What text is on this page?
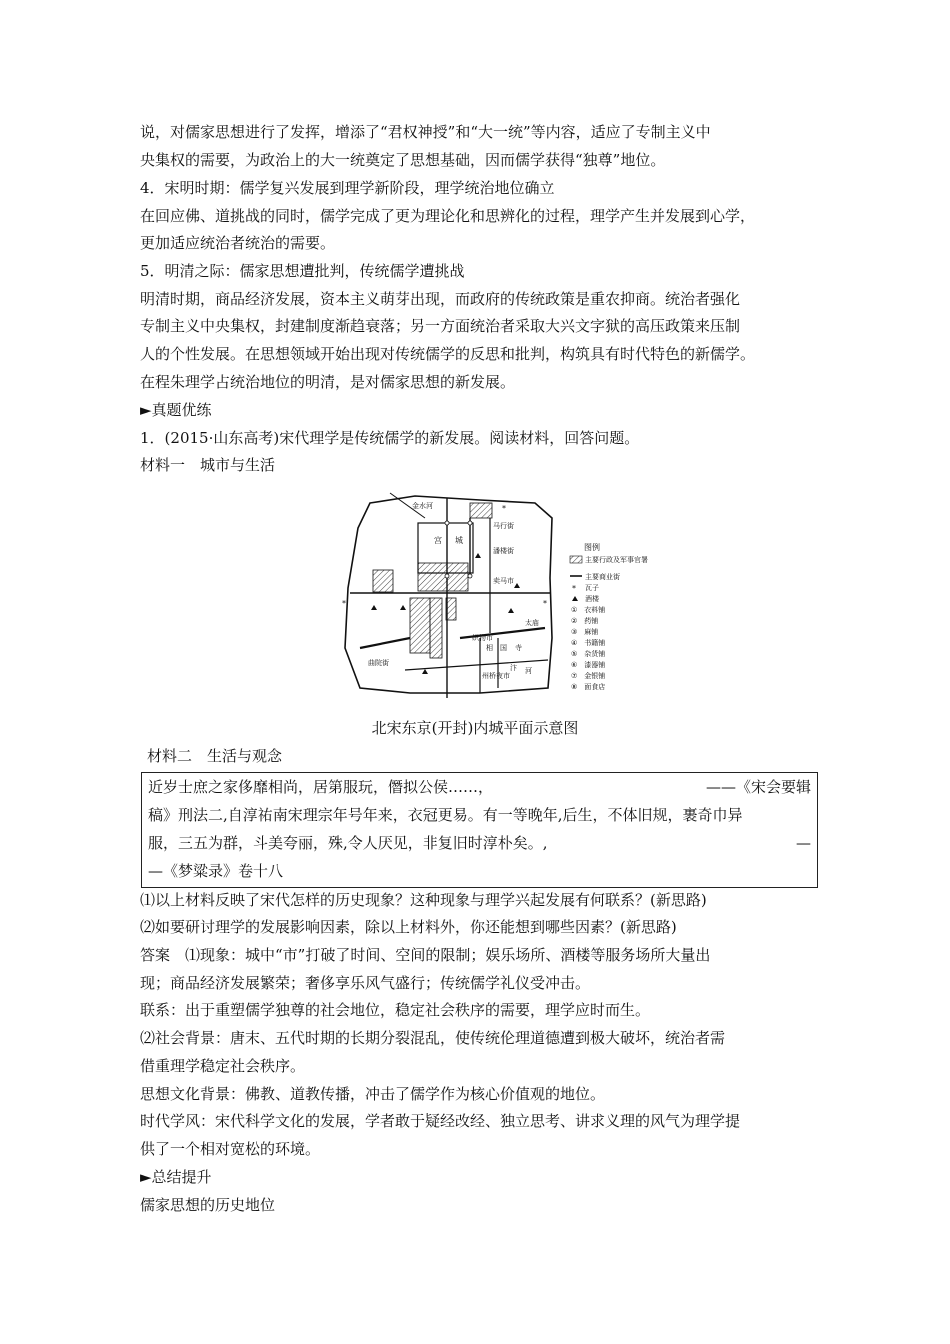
说，对儒家思想进行了发挥，增添了“君权神授”和“大一统”等内容，适应了专制主义中
央集权的需要，为政治上的大一统奠定了思想基础，因而儒学获得“独尊”地位。
4．宋明时期：儒学复兴发展到理学新阶段，理学统治地位确立
在回应佛、道挑战的同时，儒学完成了更为理论化和思辨化的过程，理学产生并发展到心学，
更加适应统治者统治的需要。
5．明清之际：儒家思想遭批判，传统儒学遭挑战
明清时期，商品经济发展，资本主义萌芽出现，而政府的传统政策是重农抑商。统治者强化
专制主义中央集权，封建制度渐趋衰落；另一方面统治者采取大兴文字狱的高压政策来压制
人的个性发展。在思想领域开始出现对传统儒学的反思和批判，构筑具有时代特色的新儒学。
在程朱理学占统治地位的明清，是对儒家思想的新发展。
►真题优练
1．(2015·山东高考)宋代理学是传统儒学的新发展。阅读材料，回答问题。
材料一　城市与生活
*
*	*
金水河
宫 城
马行街
潘楼街
卖马市
太庙
州桥夜市
曲院街
织物市
相 国 寺
汴 河
图例
主要行政及军事官署
主要商业街
* 瓦子
酒楼
①　衣料铺
②　药铺
③　麻铺
④　书籍铺
⑤　杂货铺
⑥　漆器铺
⑦　金银铺
⑧　面食店
北宋东京(开封)内城平面示意图
材料二　生活与观念
近岁士庶之家侈靡相尚，居第服玩，僭拟公侯……，	——《宋会要辑
稿》刑法二,自淳祐南宋理宗年号年来，衣冠更易。有一等晚年,后生，不体旧规，裹奇巾异
服，三五为群，斗美夸丽，殊,令人厌见，非复旧时淳朴矣。,	—
—《梦粱录》卷十八
⑴以上材料反映了宋代怎样的历史现象？这种现象与理学兴起发展有何联系？(新思路)
⑵如要研讨理学的发展影响因素，除以上材料外，你还能想到哪些因素？(新思路)
答案　⑴现象：城中“市”打破了时间、空间的限制；娱乐场所、酒楼等服务场所大量出
现；商品经济发展繁荣；奢侈享乐风气盛行；传统儒学礼仪受冲击。
联系：出于重塑儒学独尊的社会地位，稳定社会秩序的需要，理学应时而生。
⑵社会背景：唐末、五代时期的长期分裂混乱，使传统伦理道德遭到极大破坏，统治者需
借重理学稳定社会秩序。
思想文化背景：佛教、道教传播，冲击了儒学作为核心价值观的地位。
时代学风：宋代科学文化的发展，学者敢于疑经改经、独立思考、讲求义理的风气为理学提
供了一个相对宽松的环境。
►总结提升
儒家思想的历史地位
